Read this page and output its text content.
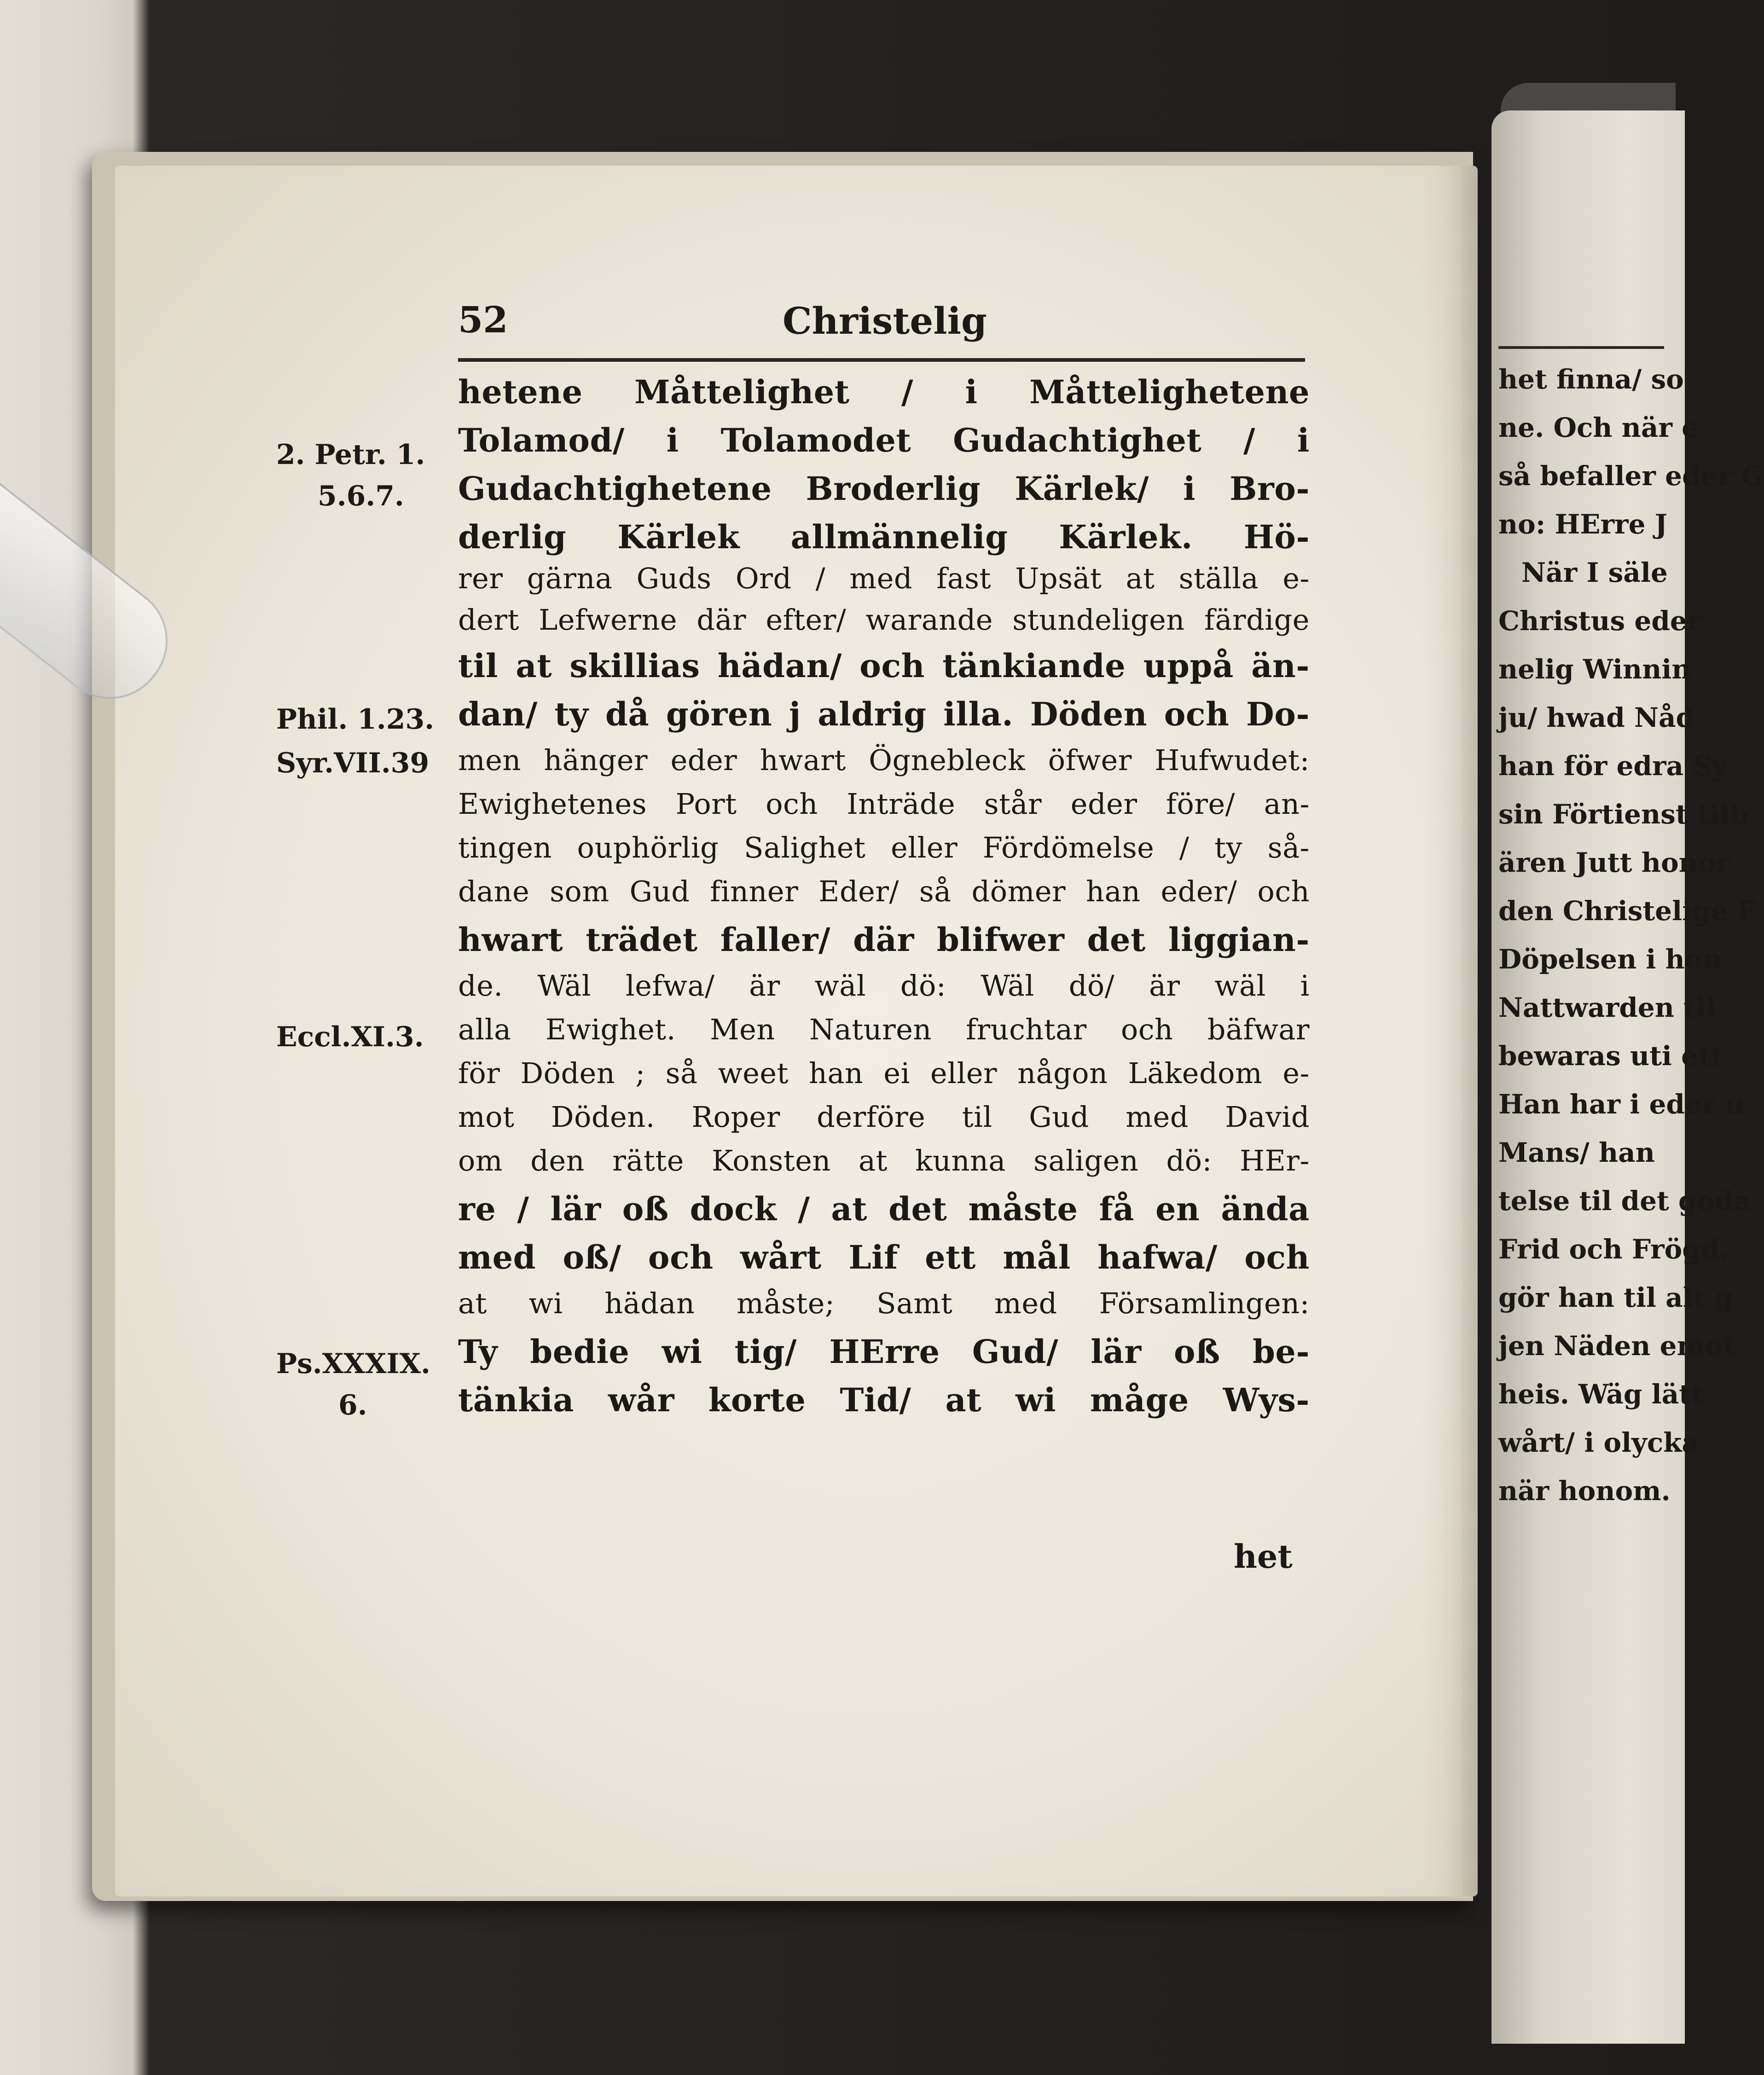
52	Christelig
2. Petr. 1.
5.6.7.
Phil. 1.23.
Syr.VII.39
Eccl.XI.3.
Ps.XXXIX.
6.
hetene Måttelighet / i Måttelighetene
Tolamod/ i Tolamodet Gudachtighet / i
Gudachtighetene Broderlig Kärlek/ i Bro-
derlig Kärlek allmännelig Kärlek. Hö-
rer gärna Guds Ord / med fast Upsät at ställa e-
dert Lefwerne där efter/ warande stundeligen färdige
til at skillias hädan/ och tänkiande uppå än-
dan/ ty då gören j aldrig illa. Döden och Do-
men hänger eder hwart Ögnebleck öfwer Hufwudet:
Ewighetenes Port och Inträde står eder före/ an-
tingen ouphörlig Salighet eller Fördömelse / ty så-
dane som Gud finner Eder/ så dömer han eder/ och
hwart trädet faller/ där blifwer det liggian-
de. Wäl lefwa/ är wäl dö: Wäl dö/ är wäl i
alla Ewighet. Men Naturen fruchtar och bäfwar
för Döden ; så weet han ei eller någon Läkedom e-
mot Döden. Roper derföre til Gud med David
om den rätte Konsten at kunna saligen dö: HEr-
re / lär oß dock / at det måste få en ända
med oß/ och wårt Lif ett mål hafwa/ och
at wi hädan måste; Samt med Församlingen:
Ty bedie wi tig/ HErre Gud/ lär oß be-
tänkia wår korte Tid/ at wi måge Wys-
het
het finna/ so
ne. Och när e
så befaller eder G
no: HErre J
När I säle
Christus eder
nelig Winnin
ju/ hwad Nåd
han för edra Sy
sin Förtienst tilb
ären Jutt honor
den Christelige F
Döpelsen i hon
Nattwarden til
bewaras uti ett
Han har i eder u
Mans/ han
telse til det goda
Frid och Frögd.
gör han til alt g
jen Näden emot
heis. Wäg lätt
wårt/ i olycka
när honom.
